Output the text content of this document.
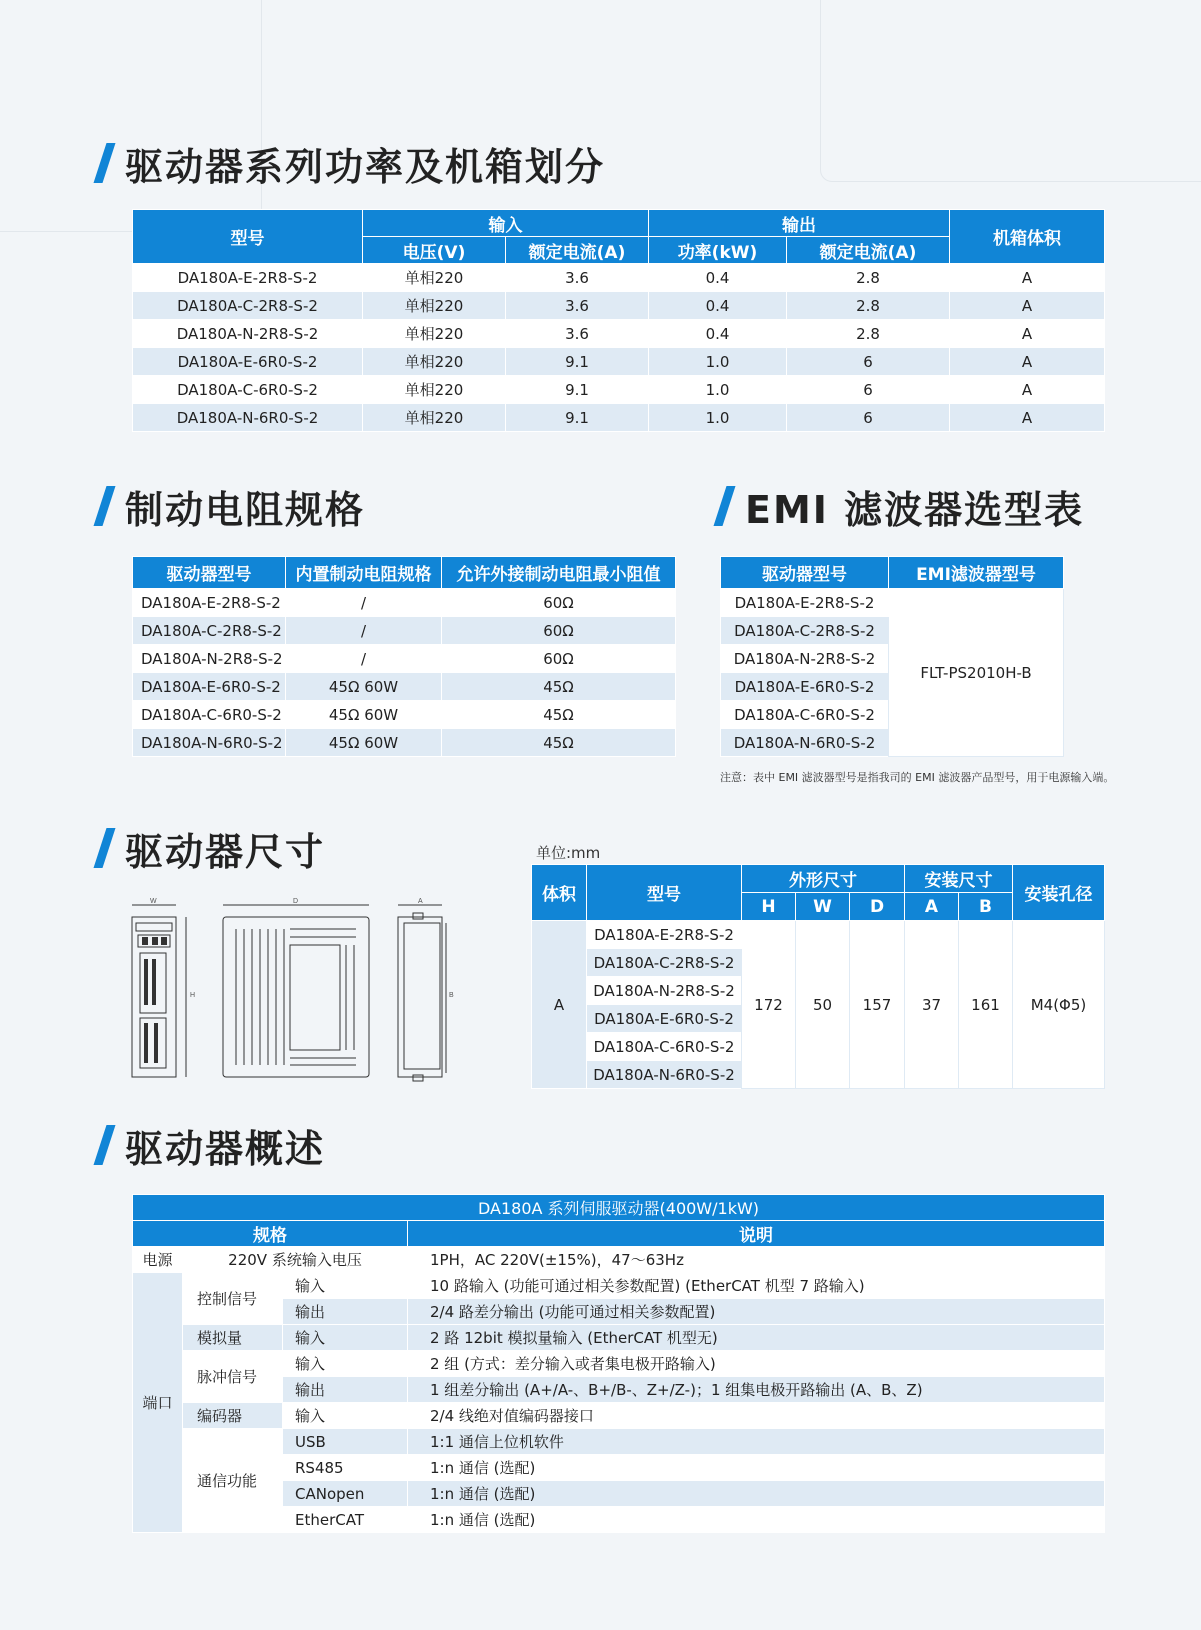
驱动器系列功率及机箱划分
型号	输入		输出		机箱体积
	电压(V)	额定电流(A)	功率(kW)	额定电流(A)	
DA180A-E-2R8-S-2	单相220	3.6	0.4	2.8	A
DA180A-C-2R8-S-2	单相220	3.6	0.4	2.8	A
DA180A-N-2R8-S-2	单相220	3.6	0.4	2.8	A
DA180A-E-6R0-S-2	单相220	9.1	1.0	6	A
DA180A-C-6R0-S-2	单相220	9.1	1.0	6	A
DA180A-N-6R0-S-2	单相220	9.1	1.0	6	A
制动电阻规格
驱动器型号	内置制动电阻规格	允许外接制动电阻最小阻值
DA180A-E-2R8-S-2	/	60Ω
DA180A-C-2R8-S-2	/	60Ω
DA180A-N-2R8-S-2	/	60Ω
DA180A-E-6R0-S-2	45Ω 60W	45Ω
DA180A-C-6R0-S-2	45Ω 60W	45Ω
DA180A-N-6R0-S-2	45Ω 60W	45Ω
EMI 滤波器选型表
驱动器型号	EMI滤波器型号
DA180A-E-2R8-S-2	FLT-PS2010H-B
DA180A-C-2R8-S-2	
DA180A-N-2R8-S-2	
DA180A-E-6R0-S-2	
DA180A-C-6R0-S-2	
DA180A-N-6R0-S-2	
注意：表中 EMI 滤波器型号是指我司的 EMI 滤波器产品型号，用于电源输入端。
驱动器尺寸
W
H
D	A
B
单位:mm
体积	型号	外形尺寸			安装尺寸		安装孔径
		H	W	D	A	B	
A	DA180A-E-2R8-S-2	172	50	157	37	161	M4(Φ5)
	DA180A-C-2R8-S-2						
	DA180A-N-2R8-S-2						
	DA180A-E-6R0-S-2						
	DA180A-C-6R0-S-2						
	DA180A-N-6R0-S-2						
驱动器概述
DA180A 系列伺服驱动器(400W/1kW)			
规格			说明
电源	220V 系统输入电压		1PH，AC 220V(±15%)，47～63Hz
端口	控制信号	输入	10 路输入 (功能可通过相关参数配置) (EtherCAT 机型 7 路输入)
		输出	2/4 路差分输出 (功能可通过相关参数配置)
	模拟量	输入	2 路 12bit 模拟量输入 (EtherCAT 机型无)
	脉冲信号	输入	2 组 (方式：差分输入或者集电极开路输入)
		输出	1 组差分输出 (A+/A-、B+/B-、Z+/Z-)；1 组集电极开路输出 (A、B、Z)
	编码器	输入	2/4 线绝对值编码器接口
	通信功能	USB	1:1 通信上位机软件
		RS485	1:n 通信 (选配)
		CANopen	1:n 通信 (选配)
		EtherCAT	1:n 通信 (选配)
